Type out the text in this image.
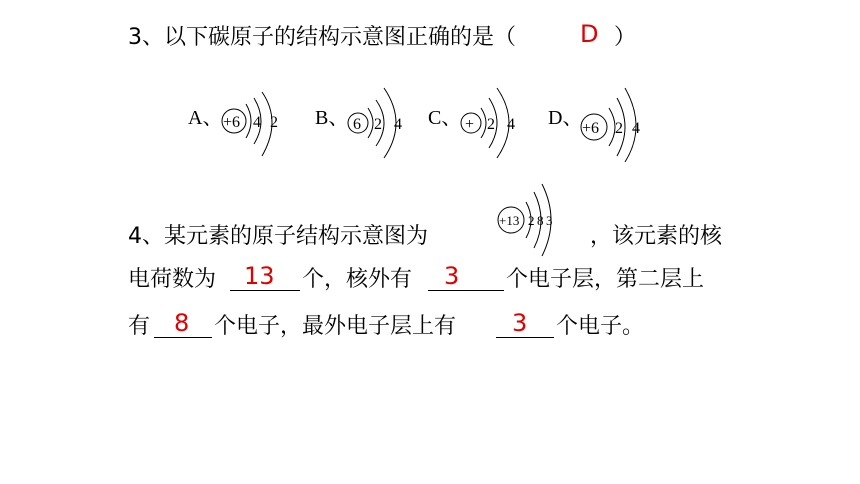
3、以下碳原子的结构示意图正确的是（	D ）
A、 +6 4 2 B、 6 2 4 C、 + 2 4 D、 +6 2 4
4、某元素的原子结构示意图为
+13 2 8 3
，该元素的核
电荷数为 13 个，核外有 3 个电子层，第二层上
有 8 个电子，最外电子层上有 3 个电子。
